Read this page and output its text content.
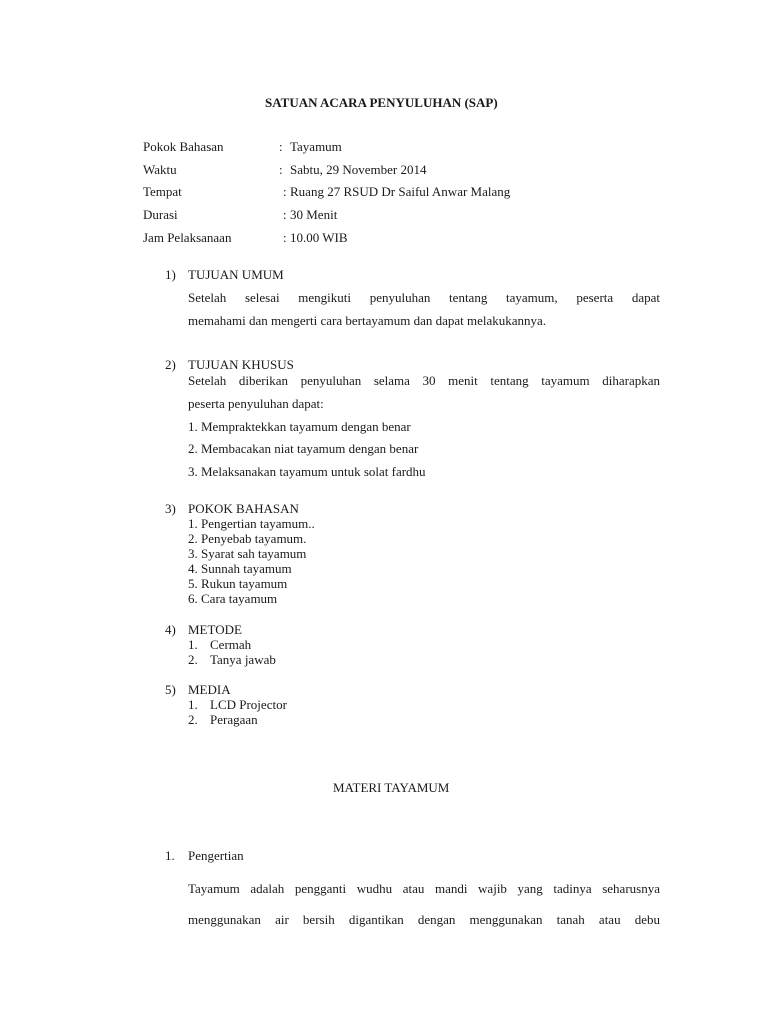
SATUAN ACARA PENYULUHAN (SAP)
Pokok Bahasan	: Tayamum
Waktu	: Sabtu, 29 November 2014
Tempat	: Ruang 27 RSUD Dr Saiful Anwar Malang
Durasi	: 30 Menit
Jam Pelaksanaan	: 10.00 WIB
1) TUJUAN UMUM
Setelah selesai mengikuti penyuluhan tentang tayamum, peserta dapat
memahami dan mengerti cara bertayamum dan dapat melakukannya.
2) TUJUAN KHUSUS
Setelah diberikan penyuluhan selama 30 menit tentang tayamum diharapkan
peserta penyuluhan dapat:
1. Mempraktekkan tayamum dengan benar
2. Membacakan niat tayamum dengan benar
3. Melaksanakan tayamum untuk solat fardhu
3) POKOK BAHASAN
1. Pengertian tayamum..
2. Penyebab tayamum.
3. Syarat sah tayamum
4. Sunnah tayamum
5. Rukun tayamum
6. Cara tayamum
4) METODE
1. Cermah
2. Tanya jawab
5) MEDIA
1. LCD Projector
2. Peragaan
MATERI TAYAMUM
1. Pengertian
Tayamum adalah pengganti wudhu atau mandi wajib yang tadinya seharusnya
menggunakan air bersih digantikan dengan menggunakan tanah atau debu
